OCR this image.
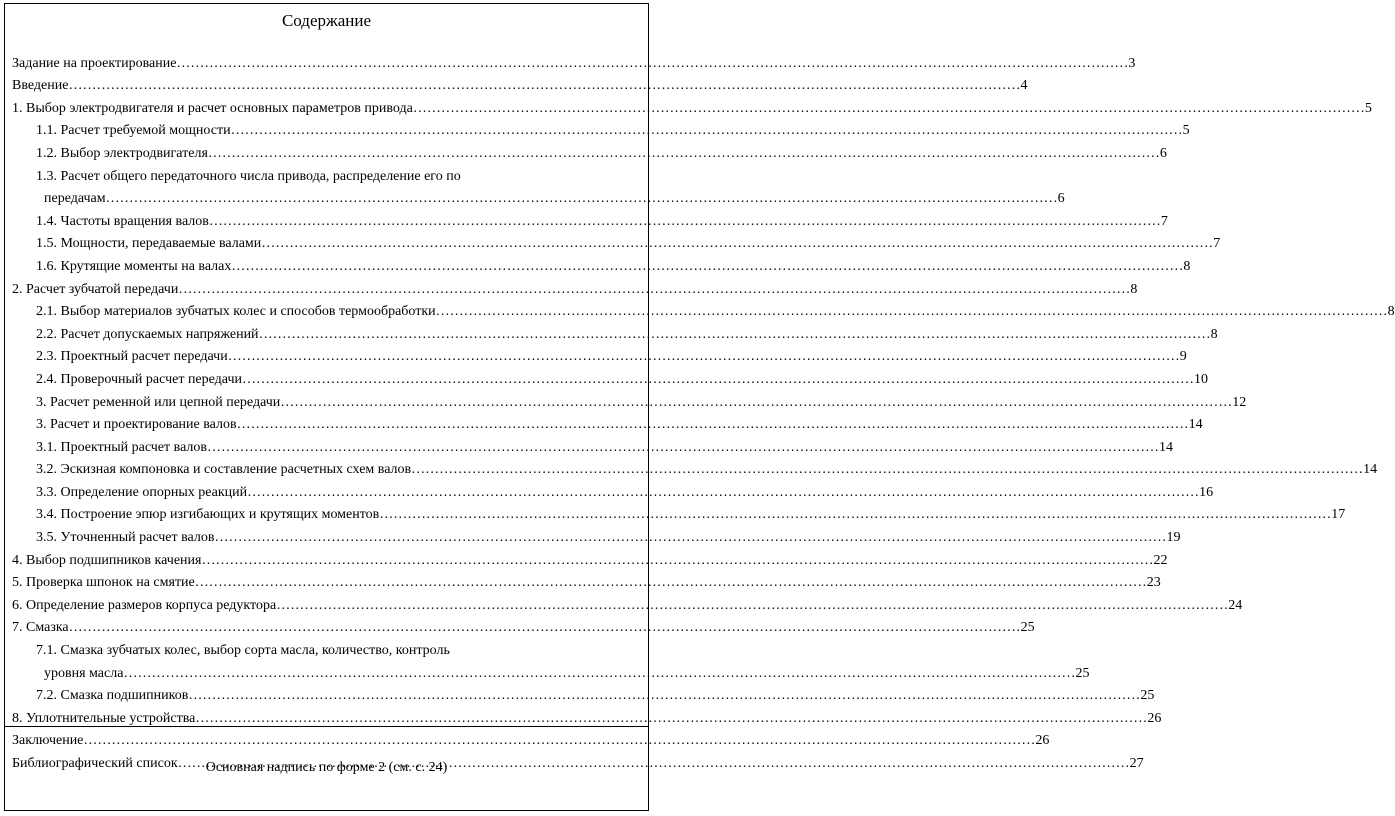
Содержание
Задание на проектирование ……………………………………………………………………………………………………………………………………………………………………………………	3
Введение ……………………………………………………………………………………………………………………………………………………………………………………	4
1. Выбор электродвигателя и расчет основных параметров привода ……………………………………………………………………………………………………………………………………………………………………………………	5
1.1. Расчет требуемой мощности ……………………………………………………………………………………………………………………………………………………………………………………	5
1.2. Выбор электродвигателя ……………………………………………………………………………………………………………………………………………………………………………………	6
1.3. Расчет общего передаточного числа привода, распределение его по
передачам ……………………………………………………………………………………………………………………………………………………………………………………	6
1.4. Частоты вращения валов ……………………………………………………………………………………………………………………………………………………………………………………	7
1.5. Мощности, передаваемые валами ……………………………………………………………………………………………………………………………………………………………………………………	7
1.6. Крутящие моменты на валах ……………………………………………………………………………………………………………………………………………………………………………………	8
2. Расчет зубчатой передачи ……………………………………………………………………………………………………………………………………………………………………………………	8
2.1. Выбор материалов зубчатых колес и способов термообработки ……………………………………………………………………………………………………………………………………………………………………………………	8
2.2. Расчет допускаемых напряжений ……………………………………………………………………………………………………………………………………………………………………………………	8
2.3. Проектный расчет передачи ……………………………………………………………………………………………………………………………………………………………………………………	9
2.4. Проверочный расчет передачи ……………………………………………………………………………………………………………………………………………………………………………………	10
3. Расчет ременной или цепной передачи ……………………………………………………………………………………………………………………………………………………………………………………	12
3. Расчет и проектирование валов ……………………………………………………………………………………………………………………………………………………………………………………	14
3.1. Проектный расчет валов ……………………………………………………………………………………………………………………………………………………………………………………	14
3.2. Эскизная компоновка и составление расчетных схем валов ……………………………………………………………………………………………………………………………………………………………………………………	14
3.3. Определение опорных реакций ……………………………………………………………………………………………………………………………………………………………………………………	16
3.4. Построение эпюр изгибающих и крутящих моментов ……………………………………………………………………………………………………………………………………………………………………………………	17
3.5. Уточненный расчет валов ……………………………………………………………………………………………………………………………………………………………………………………	19
4. Выбор подшипников качения ……………………………………………………………………………………………………………………………………………………………………………………	22
5. Проверка шпонок на смятие ……………………………………………………………………………………………………………………………………………………………………………………	23
6. Определение размеров корпуса редуктора ……………………………………………………………………………………………………………………………………………………………………………………	24
7. Смазка ……………………………………………………………………………………………………………………………………………………………………………………	25
7.1. Смазка зубчатых колес, выбор сорта масла, количество, контроль
уровня масла ……………………………………………………………………………………………………………………………………………………………………………………	25
7.2. Смазка подшипников ……………………………………………………………………………………………………………………………………………………………………………………	25
8. Уплотнительные устройства ……………………………………………………………………………………………………………………………………………………………………………………	26
Заключение ……………………………………………………………………………………………………………………………………………………………………………………	26
Библиографический список ……………………………………………………………………………………………………………………………………………………………………………………	27
Основная надпись по форме 2 (см. с. 24)
